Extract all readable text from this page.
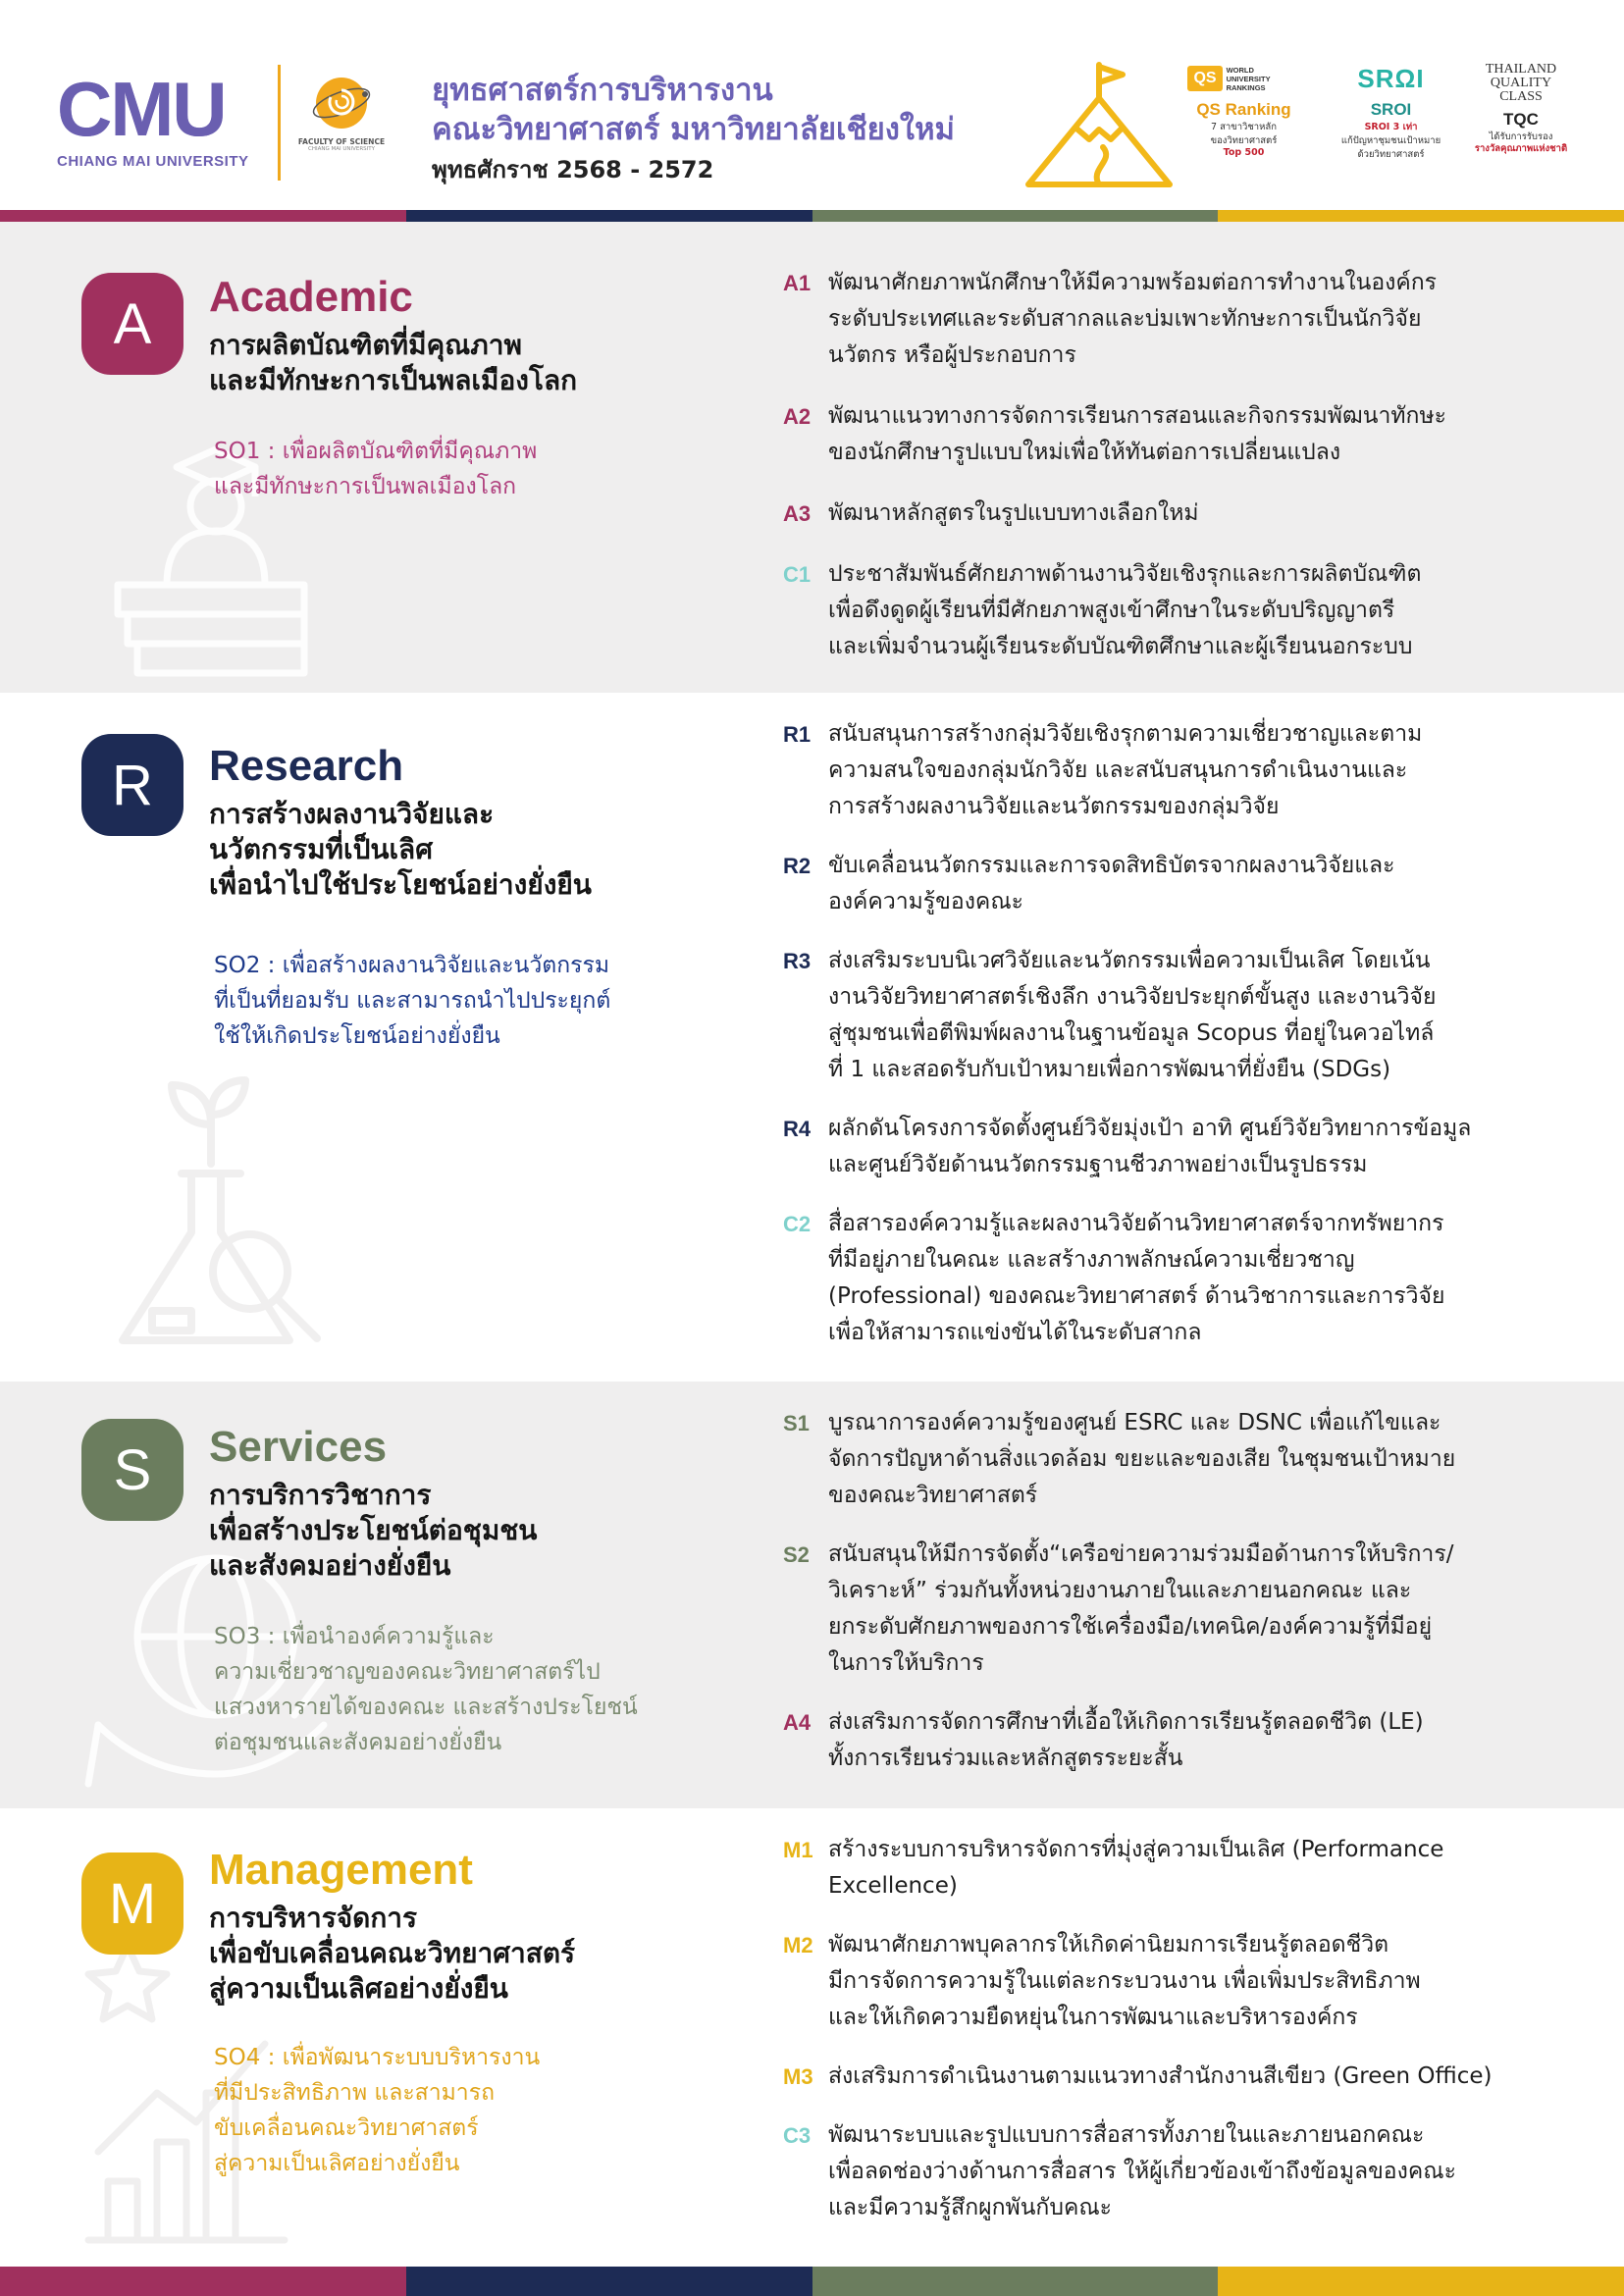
CMU
CHIANG MAI UNIVERSITY
FACULTY OF SCIENCE
CHIANG MAI UNIVERSITY
ยุทธศาสตร์การบริหารงาน
คณะวิทยาศาสตร์ มหาวิทยาลัยเชียงใหม่
พุทธศักราช 2568 - 2572
QS	WORLD UNIVERSITY RANKINGS
QS Ranking
7 สาขาวิชาหลัก
ของวิทยาศาสตร์
Top 500
SRΩI
SROI
SROI 3 เท่า
แก้ปัญหาชุมชนเป้าหมาย
ด้วยวิทยาศาสตร์
THAILAND
QUALITY
CLASS
TQC
ได้รับการรับรอง
รางวัลคุณภาพแห่งชาติ
A Academic
การผลิตบัณฑิตที่มีคุณภาพ
และมีทักษะการเป็นพลเมืองโลก
SO1 : เพื่อผลิตบัณฑิตที่มีคุณภาพ
และมีทักษะการเป็นพลเมืองโลก
A1 พัฒนาศักยภาพนักศึกษาให้มีความพร้อมต่อการทำงานในองค์กร
ระดับประเทศและระดับสากลและบ่มเพาะทักษะการเป็นนักวิจัย
นวัตกร หรือผู้ประกอบการ
A2 พัฒนาแนวทางการจัดการเรียนการสอนและกิจกรรมพัฒนาทักษะ
ของนักศึกษารูปแบบใหม่เพื่อให้ทันต่อการเปลี่ยนแปลง
A3 พัฒนาหลักสูตรในรูปแบบทางเลือกใหม่
C1 ประชาสัมพันธ์ศักยภาพด้านงานวิจัยเชิงรุกและการผลิตบัณฑิต
เพื่อดึงดูดผู้เรียนที่มีศักยภาพสูงเข้าศึกษาในระดับปริญญาตรี
และเพิ่มจำนวนผู้เรียนระดับบัณฑิตศึกษาและผู้เรียนนอกระบบ
R Research
การสร้างผลงานวิจัยและ
นวัตกรรมที่เป็นเลิศ
เพื่อนำไปใช้ประโยชน์อย่างยั่งยืน
SO2 : เพื่อสร้างผลงานวิจัยและนวัตกรรม
ที่เป็นที่ยอมรับ และสามารถนำไปประยุกต์
ใช้ให้เกิดประโยชน์อย่างยั่งยืน
R1 สนับสนุนการสร้างกลุ่มวิจัยเชิงรุกตามความเชี่ยวชาญและตาม
ความสนใจของกลุ่มนักวิจัย และสนับสนุนการดำเนินงานและ
การสร้างผลงานวิจัยและนวัตกรรมของกลุ่มวิจัย
R2 ขับเคลื่อนนวัตกรรมและการจดสิทธิบัตรจากผลงานวิจัยและ
องค์ความรู้ของคณะ
R3 ส่งเสริมระบบนิเวศวิจัยและนวัตกรรมเพื่อความเป็นเลิศ โดยเน้น
งานวิจัยวิทยาศาสตร์เชิงลึก งานวิจัยประยุกต์ขั้นสูง และงานวิจัย
สู่ชุมชนเพื่อตีพิมพ์ผลงานในฐานข้อมูล Scopus ที่อยู่ในควอไทล์
ที่ 1 และสอดรับกับเป้าหมายเพื่อการพัฒนาที่ยั่งยืน (SDGs)
R4 ผลักดันโครงการจัดตั้งศูนย์วิจัยมุ่งเป้า อาทิ ศูนย์วิจัยวิทยาการข้อมูล
และศูนย์วิจัยด้านนวัตกรรมฐานชีวภาพอย่างเป็นรูปธรรม
C2 สื่อสารองค์ความรู้และผลงานวิจัยด้านวิทยาศาสตร์จากทรัพยากร
ที่มีอยู่ภายในคณะ และสร้างภาพลักษณ์ความเชี่ยวชาญ
(Professional) ของคณะวิทยาศาสตร์ ด้านวิชาการและการวิจัย
เพื่อให้สามารถแข่งขันได้ในระดับสากล
S Services
การบริการวิชาการ
เพื่อสร้างประโยชน์ต่อชุมชน
และสังคมอย่างยั่งยืน
SO3 : เพื่อนำองค์ความรู้และ
ความเชี่ยวชาญของคณะวิทยาศาสตร์ไป
แสวงหารายได้ของคณะ และสร้างประโยชน์
ต่อชุมชนและสังคมอย่างยั่งยืน
S1 บูรณาการองค์ความรู้ของศูนย์ ESRC และ DSNC เพื่อแก้ไขและ
จัดการปัญหาด้านสิ่งแวดล้อม ขยะและของเสีย ในชุมชนเป้าหมาย
ของคณะวิทยาศาสตร์
S2 สนับสนุนให้มีการจัดตั้ง“เครือข่ายความร่วมมือด้านการให้บริการ/
วิเคราะห์” ร่วมกันทั้งหน่วยงานภายในและภายนอกคณะ และ
ยกระดับศักยภาพของการใช้เครื่องมือ/เทคนิค/องค์ความรู้ที่มีอยู่
ในการให้บริการ
A4 ส่งเสริมการจัดการศึกษาที่เอื้อให้เกิดการเรียนรู้ตลอดชีวิต (LE)
ทั้งการเรียนร่วมและหลักสูตรระยะสั้น
M
Management
การบริหารจัดการ
เพื่อขับเคลื่อนคณะวิทยาศาสตร์
สู่ความเป็นเลิศอย่างยั่งยืน
SO4 : เพื่อพัฒนาระบบบริหารงาน
ที่มีประสิทธิภาพ และสามารถ
ขับเคลื่อนคณะวิทยาศาสตร์
สู่ความเป็นเลิศอย่างยั่งยืน
M1 สร้างระบบการบริหารจัดการที่มุ่งสู่ความเป็นเลิศ (Performance
Excellence)
M2 พัฒนาศักยภาพบุคลากรให้เกิดค่านิยมการเรียนรู้ตลอดชีวิต
มีการจัดการความรู้ในแต่ละกระบวนงาน เพื่อเพิ่มประสิทธิภาพ
และให้เกิดความยืดหยุ่นในการพัฒนาและบริหารองค์กร
M3 ส่งเสริมการดำเนินงานตามแนวทางสำนักงานสีเขียว (Green Office)
C3 พัฒนาระบบและรูปแบบการสื่อสารทั้งภายในและภายนอกคณะ
เพื่อลดช่องว่างด้านการสื่อสาร ให้ผู้เกี่ยวข้องเข้าถึงข้อมูลของคณะ
และมีความรู้สึกผูกพันกับคณะ
